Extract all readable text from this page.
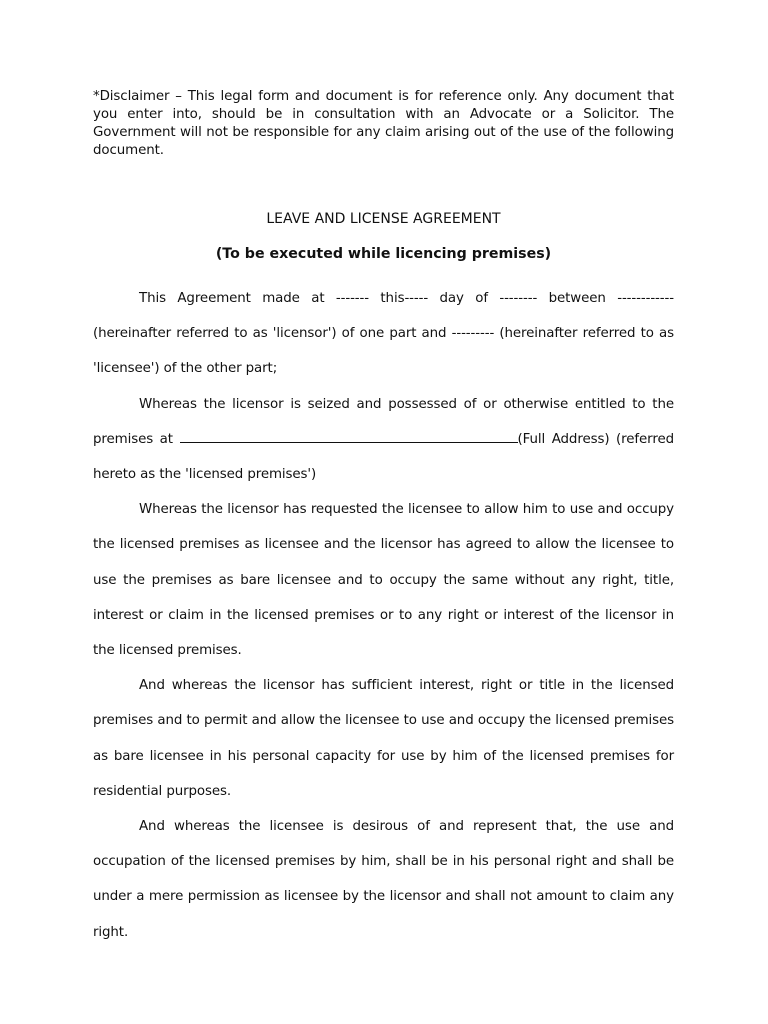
*Disclaimer – This legal form and document is for reference only. Any document that you enter into, should be in consultation with an Advocate or a Solicitor. The Government will not be responsible for any claim arising out of the use of the following document.
LEAVE AND LICENSE AGREEMENT
(To be executed while licencing premises)

This Agreement made at ------- this----- day of -------- between ------------ (hereinafter referred to as 'licensor') of one part and --------- (hereinafter referred to as 'licensee') of the other part;

Whereas the licensor is seized and possessed of or otherwise entitled to the premises at	(Full Address) (referred hereto as the 'licensed premises')

Whereas the licensor has requested the licensee to allow him to use and occupy the licensed premises as licensee and the licensor has agreed to allow the licensee to use the premises as bare licensee and to occupy the same without any right, title, interest or claim in the licensed premises or to any right or interest of the licensor in the licensed premises.

And whereas the licensor has sufficient interest, right or title in the licensed premises and to permit and allow the licensee to use and occupy the licensed premises as bare licensee in his personal capacity for use by him of the licensed premises for residential purposes.

And whereas the licensee is desirous of and represent that, the use and occupation of the licensed premises by him, shall be in his personal right and shall be under a mere permission as licensee by the licensor and shall not amount to claim any right.
